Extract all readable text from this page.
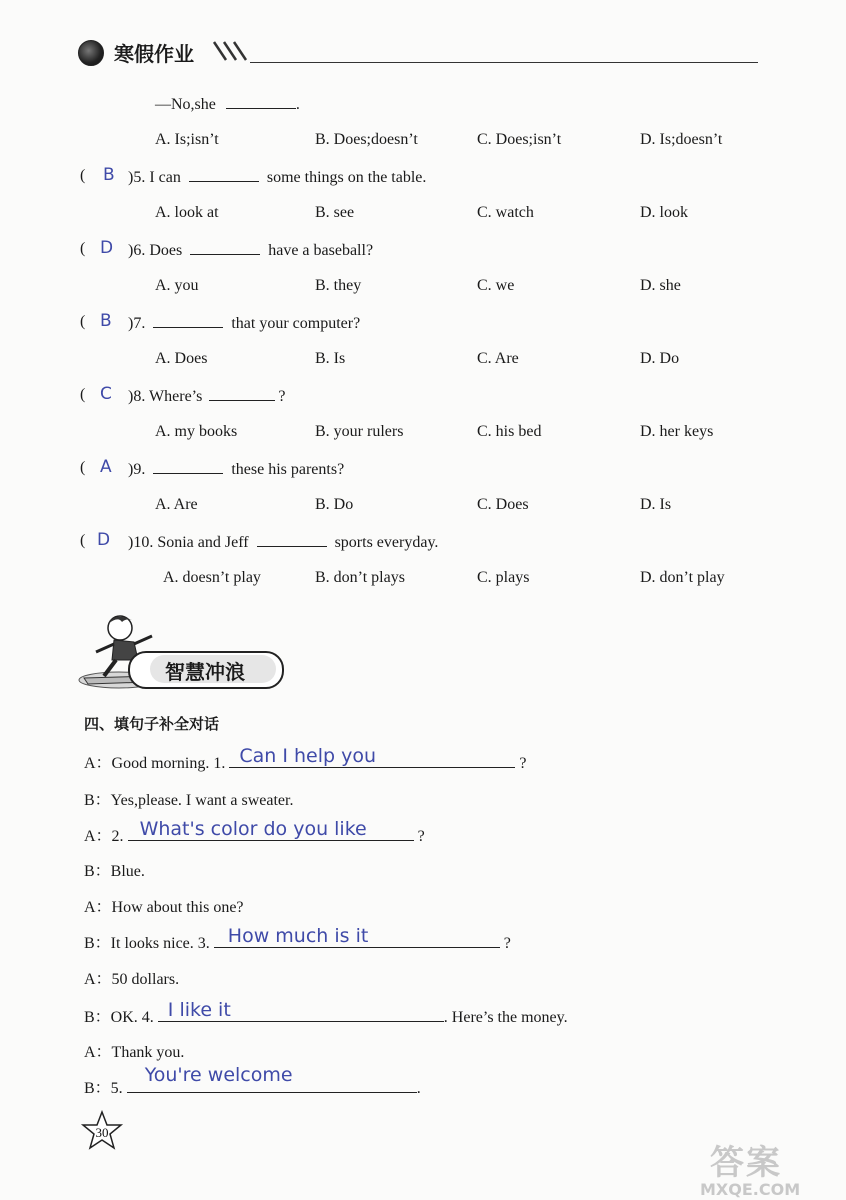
寒假作业
—No,she	.
A. Is;isn’t	B. Does;doesn’t	C. Does;isn’t	D. Is;doesn’t
( B )5. I can	some things on the table.
A. look at	B. see	C. watch	D. look
( D )6. Does	have a baseball?
A. you	B. they	C. we	D. she
( B )7.	that your computer?
A. Does	B. Is	C. Are	D. Do
( C )8. Where’s	?
A. my books	B. your rulers	C. his bed	D. her keys
( A )9.	these his parents?
A. Are	B. Do	C. Does	D. Is
( D )10. Sonia and Jeff	sports everyday.
A. doesn’t play	B. don’t plays	C. plays	D. don’t play
智慧冲浪
四、填句子补全对话
A：Good morning. 1. Can I help you	?
B：Yes,please. I want a sweater.
A：2. What's color do you like	?
B：Blue.
A：How about this one?
B：It looks nice. 3. How much is it	?
A：50 dollars.
B：OK. 4. I like it	. Here’s the money.
A：Thank you.
B：5.
You're welcome
.
30
答案
MXQE.COM
